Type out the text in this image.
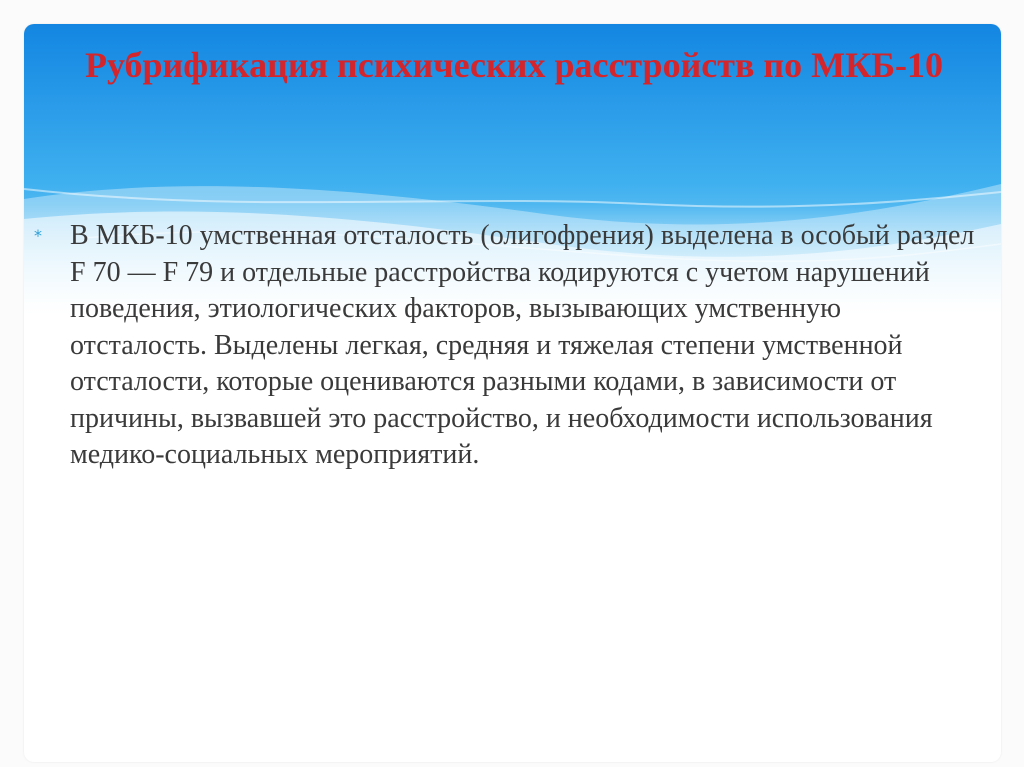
Рубрификация психических расстройств по МКБ-10
* В МКБ-10 умственная отсталость (олигофрения) выделена в особый раздел F 70 — F 79 и отдельные расстройства кодируются с учетом нарушений поведения, этиологических факторов, вызывающих умственную отсталость. Выделены легкая, средняя и тяжелая степени умственной отсталости, которые оцениваются разными кодами, в зависимости от причины, вызвавшей это расстройство, и необходимости использования медико-социальных мероприятий.
